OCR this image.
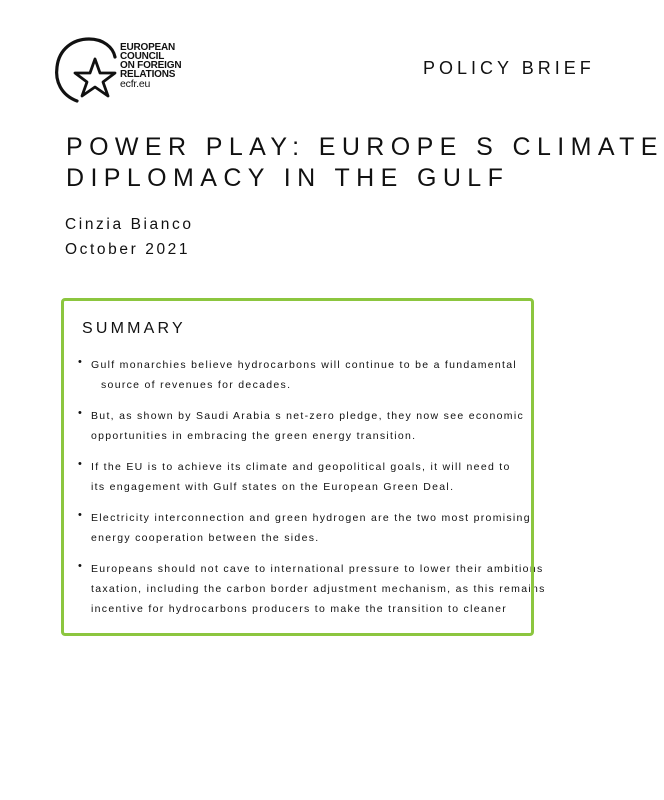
EUROPEAN
COUNCIL
ON FOREIGN
RELATIONS
ecfr.eu
POLICY BRIEF
POWER PLAY: EUROPE S CLIMATE
DIPLOMACY IN THE GULF
Cinzia Bianco
October 2021
SUMMARY
• Gulf monarchies believe hydrocarbons will continue to be a fundamental
source of revenues for decades.
• But, as shown by Saudi Arabia s net-zero pledge, they now see economic
opportunities in embracing the green energy transition.
• If the EU is to achieve its climate and geopolitical goals, it will need to
its engagement with Gulf states on the European Green Deal.
• Electricity interconnection and green hydrogen are the two most promising
energy cooperation between the sides.
• Europeans should not cave to international pressure to lower their ambitions
taxation, including the carbon border adjustment mechanism, as this remains
incentive for hydrocarbons producers to make the transition to cleaner
